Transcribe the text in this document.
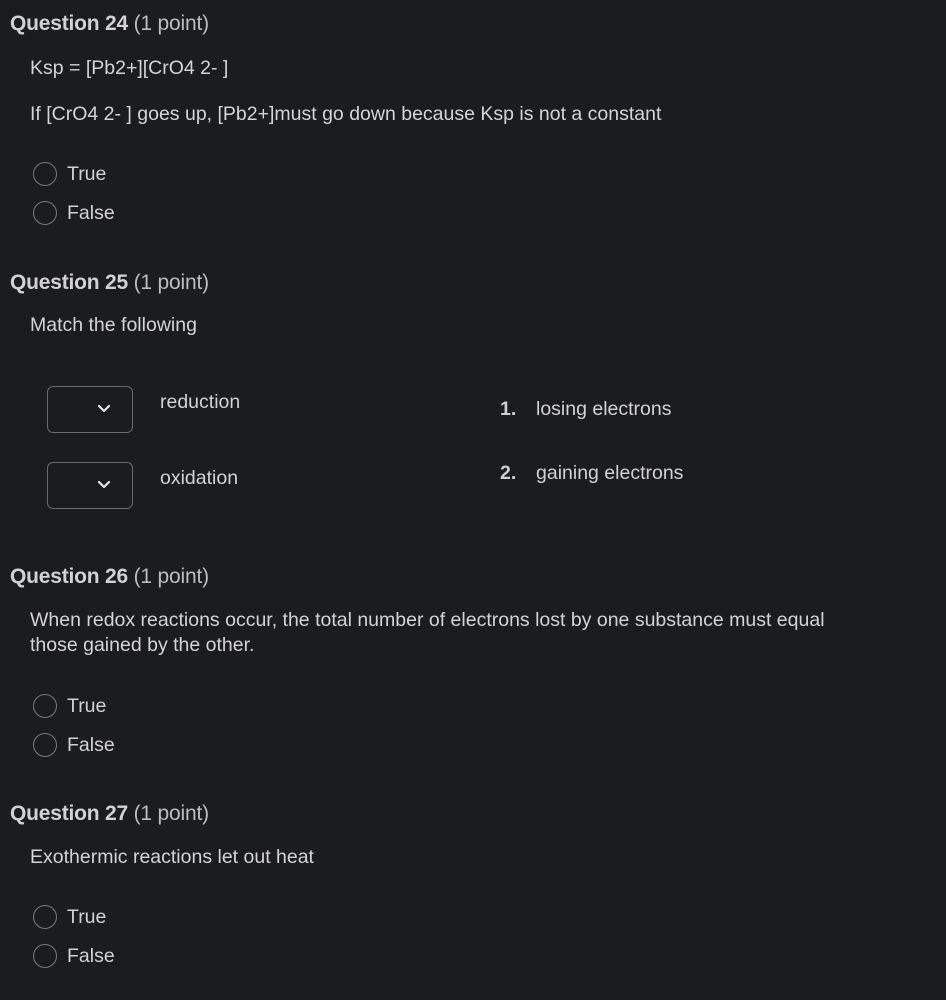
Question 24 (1 point)
Ksp = [Pb2+][CrO4 2- ]
If [CrO4 2- ] goes up, [Pb2+]must go down because Ksp is not a constant
True
False
Question 25 (1 point)
Match the following
reduction
oxidation
1. losing electrons
2. gaining electrons
Question 26 (1 point)
When redox reactions occur, the total number of electrons lost by one substance must equal
those gained by the other.
True
False
Question 27 (1 point)
Exothermic reactions let out heat
True
False
